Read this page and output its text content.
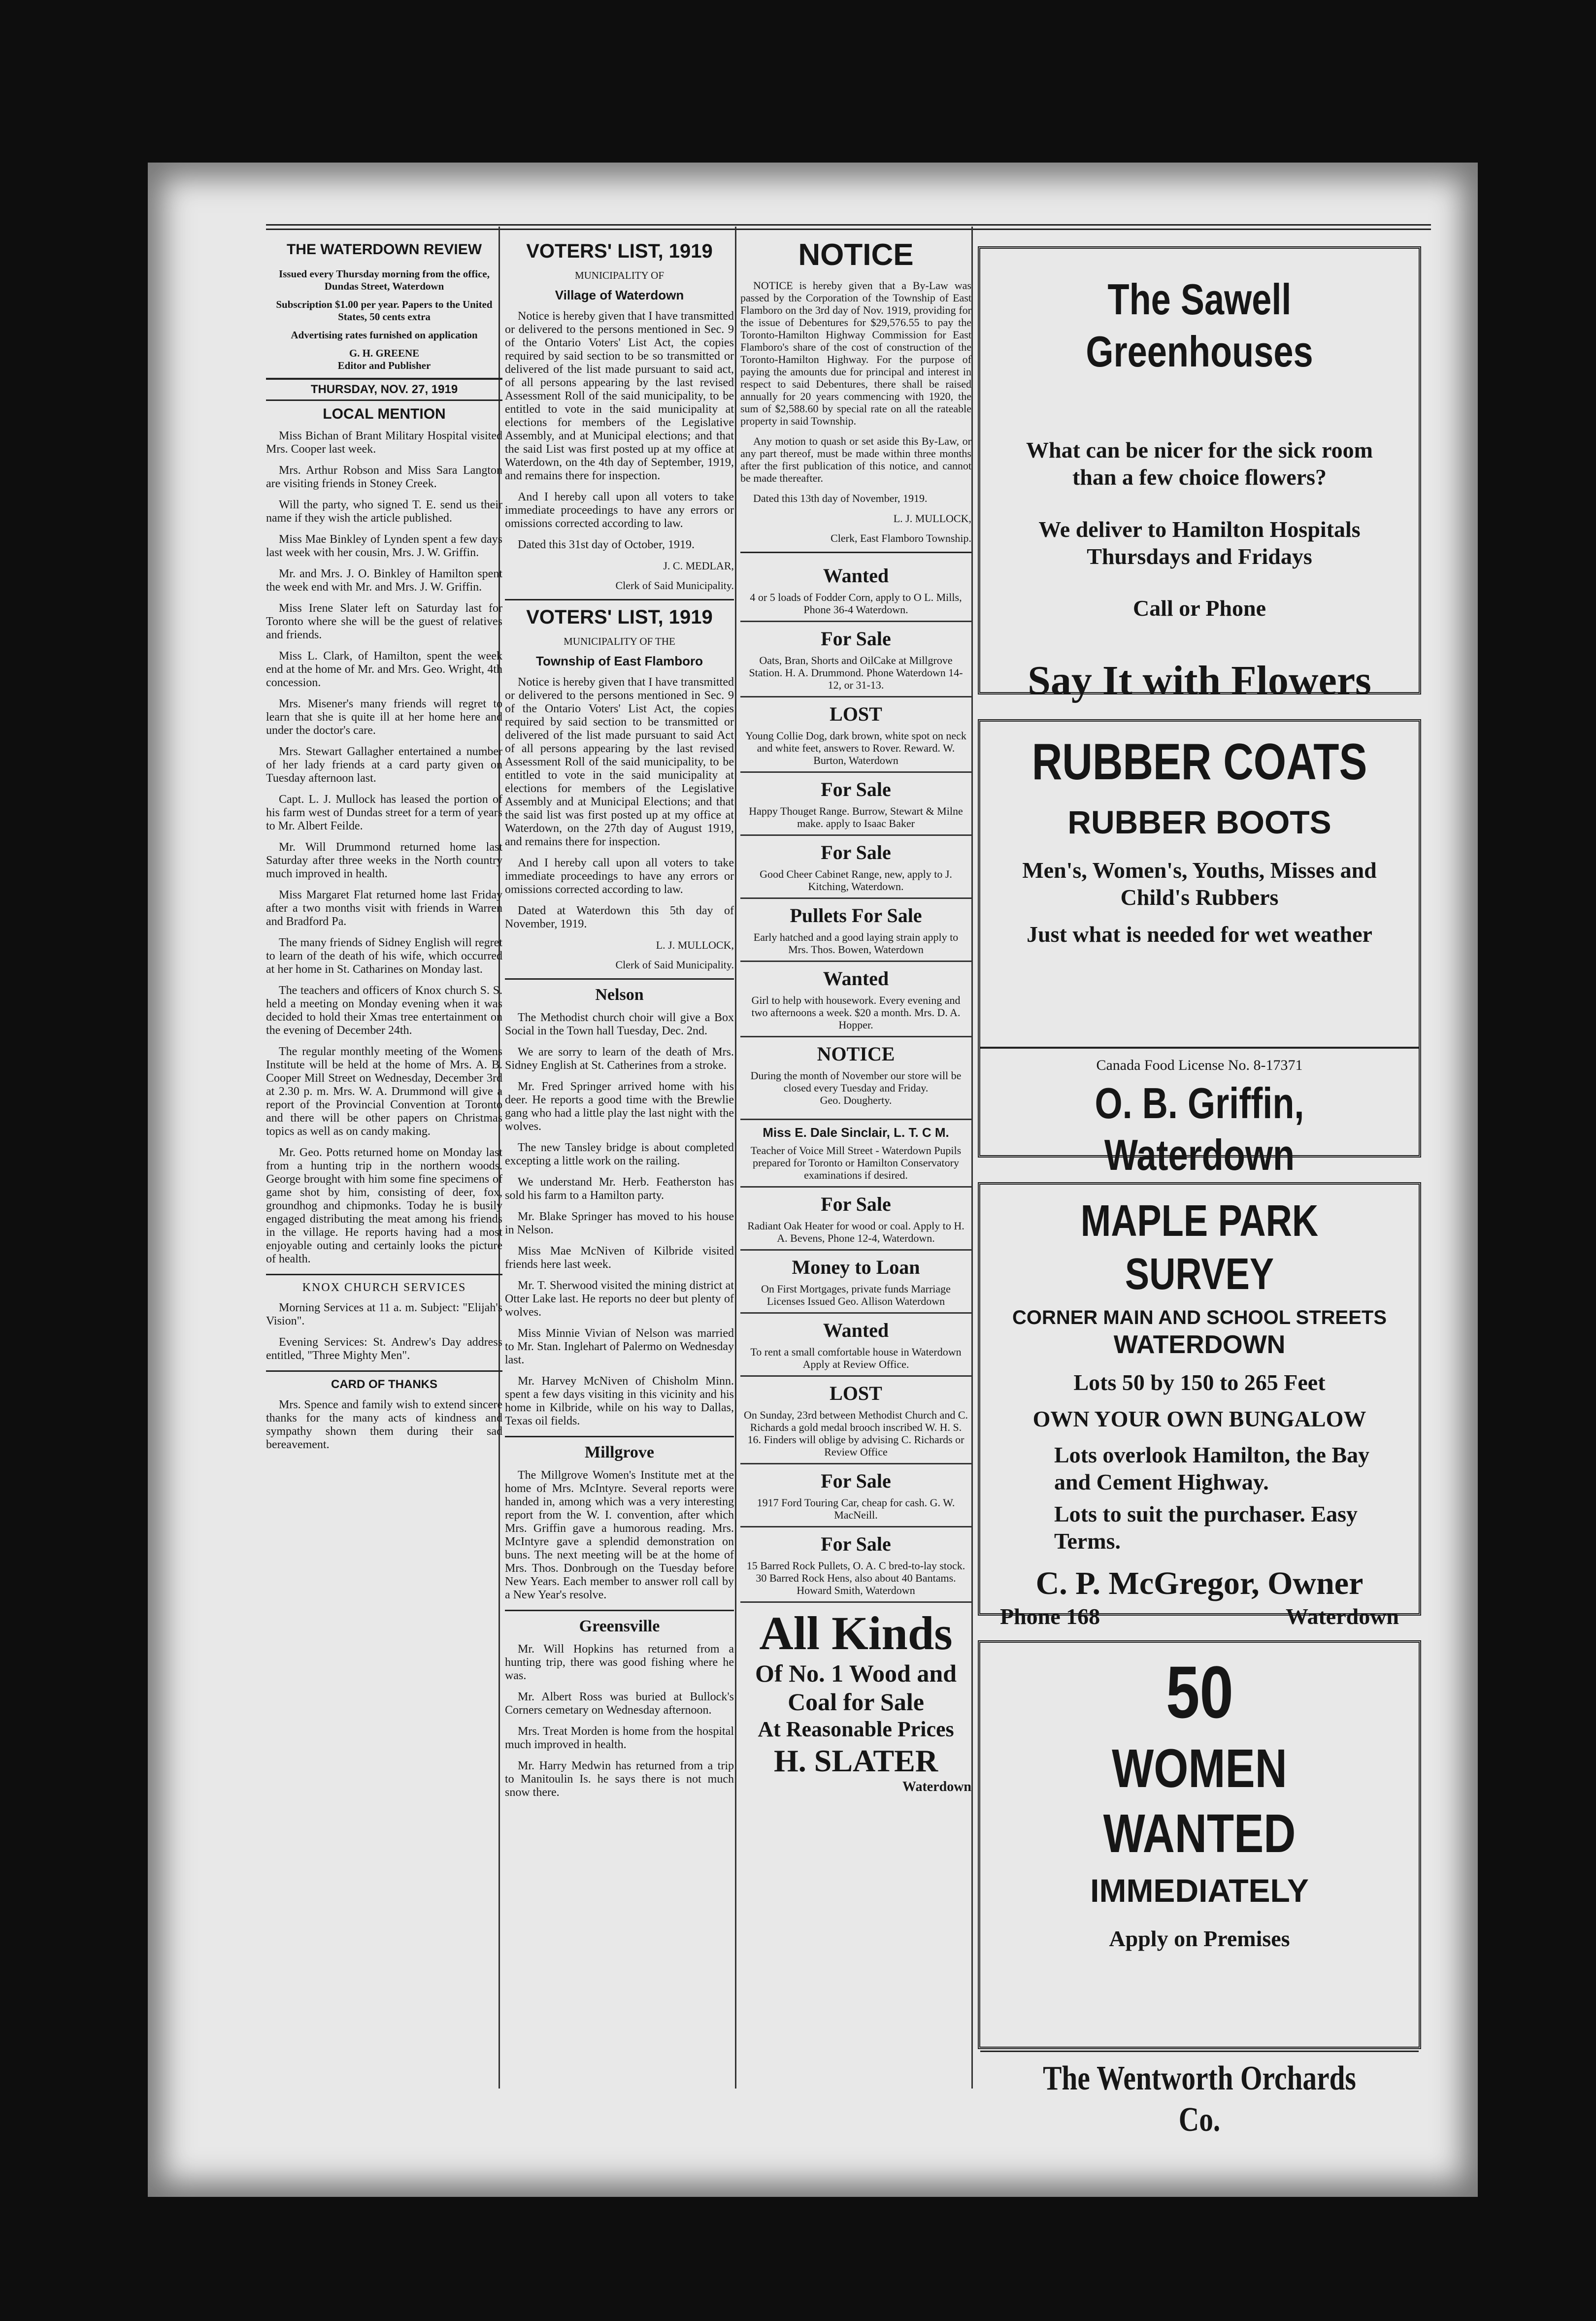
THE WATERDOWN REVIEW
Issued every Thursday morning from the office, Dundas Street, Waterdown
Subscription $1.00 per year. Papers to the United States, 50 cents extra
Advertising rates furnished on application
G. H. GREENE
Editor and Publisher
THURSDAY, NOV. 27, 1919
LOCAL MENTION

Miss Bichan of Brant Military Hospital visited Mrs. Cooper last week.

Mrs. Arthur Robson and Miss Sara Langton are visiting friends in Stoney Creek.

Will the party, who signed T. E. send us their name if they wish the article published.

Miss Mae Binkley of Lynden spent a few days last week with her cousin, Mrs. J. W. Griffin.

Mr. and Mrs. J. O. Binkley of Hamilton spent the week end with Mr. and Mrs. J. W. Griffin.

Miss Irene Slater left on Saturday last for Toronto where she will be the guest of relatives and friends.

Miss L. Clark, of Hamilton, spent the week end at the home of Mr. and Mrs. Geo. Wright, 4th concession.

Mrs. Misener's many friends will regret to learn that she is quite ill at her home here and under the doctor's care.

Mrs. Stewart Gallagher entertained a number of her lady friends at a card party given on Tuesday afternoon last.

Capt. L. J. Mullock has leased the portion of his farm west of Dundas street for a term of years to Mr. Albert Feilde.

Mr. Will Drummond returned home last Saturday after three weeks in the North country much improved in health.

Miss Margaret Flat returned home last Friday after a two months visit with friends in Warren and Bradford Pa.

The many friends of Sidney English will regret to learn of the death of his wife, which occurred at her home in St. Catharines on Monday last.

The teachers and officers of Knox church S. S. held a meeting on Monday evening when it was decided to hold their Xmas tree entertainment on the evening of December 24th.

The regular monthly meeting of the Womens Institute will be held at the home of Mrs. A. B. Cooper Mill Street on Wednesday, December 3rd at 2.30 p. m. Mrs. W. A. Drummond will give a report of the Provincial Convention at Toronto and there will be other papers on Christmas topics as well as on candy making.

Mr. Geo. Potts returned home on Monday last from a hunting trip in the northern woods. George brought with him some fine specimens of game shot by him, consisting of deer, fox, groundhog and chipmonks. Today he is busily engaged distributing the meat among his friends in the village. He reports having had a most enjoyable outing and certainly looks the picture of health.

KNOX CHURCH SERVICES

Morning Services at 11 a. m. Subject: "Elijah's Vision".

Evening Services: St. Andrew's Day address entitled, "Three Mighty Men".

CARD OF THANKS

Mrs. Spence and family wish to extend sincere thanks for the many acts of kindness and sympathy shown them during their sad bereavement.

VOTERS' LIST, 1919
MUNICIPALITY OF
Village of Waterdown

Notice is hereby given that I have transmitted or delivered to the persons mentioned in Sec. 9 of the Ontario Voters' List Act, the copies required by said section to be so transmitted or delivered of the list made pursuant to said act, of all persons appearing by the last revised Assessment Roll of the said municipality, to be entitled to vote in the said municipality at elections for members of the Legislative Assembly, and at Municipal elections; and that the said List was first posted up at my office at Waterdown, on the 4th day of September, 1919, and remains there for inspection.

And I hereby call upon all voters to take immediate proceedings to have any errors or omissions corrected according to law.

Dated this 31st day of October, 1919.

J. C. MEDLAR,
Clerk of Said Municipality.
VOTERS' LIST, 1919
MUNICIPALITY OF THE
Township of East Flamboro

Notice is hereby given that I have transmitted or delivered to the persons mentioned in Sec. 9 of the Ontario Voters' List Act, the copies required by said section to be transmitted or delivered of the list made pursuant to said Act of all persons appearing by the last revised Assessment Roll of the said municipality, to be entitled to vote in the said municipality at elections for members of the Legislative Assembly and at Municipal Elections; and that the said list was first posted up at my office at Waterdown, on the 27th day of August 1919, and remains there for inspection.

And I hereby call upon all voters to take immediate proceedings to have any errors or omissions corrected according to law.

Dated at Waterdown this 5th day of November, 1919.

L. J. MULLOCK,
Clerk of Said Municipality.
Nelson

The Methodist church choir will give a Box Social in the Town hall Tuesday, Dec. 2nd.

We are sorry to learn of the death of Mrs. Sidney English at St. Catherines from a stroke.

Mr. Fred Springer arrived home with his deer. He reports a good time with the Brewlie gang who had a little play the last night with the wolves.

The new Tansley bridge is about completed excepting a little work on the railing.

We understand Mr. Herb. Featherston has sold his farm to a Hamilton party.

Mr. Blake Springer has moved to his house in Nelson.

Miss Mae McNiven of Kilbride visited friends here last week.

Mr. T. Sherwood visited the mining district at Otter Lake last. He reports no deer but plenty of wolves.

Miss Minnie Vivian of Nelson was married to Mr. Stan. Inglehart of Palermo on Wednesday last.

Mr. Harvey McNiven of Chisholm Minn. spent a few days visiting in this vicinity and his home in Kilbride, while on his way to Dallas, Texas oil fields.

Millgrove

The Millgrove Women's Institute met at the home of Mrs. McIntyre. Several reports were handed in, among which was a very interesting report from the W. I. convention, after which Mrs. Griffin gave a humorous reading. Mrs. McIntyre gave a splendid demonstration on buns. The next meeting will be at the home of Mrs. Thos. Donbrough on the Tuesday before New Years. Each member to answer roll call by a New Year's resolve.

Greensville

Mr. Will Hopkins has returned from a hunting trip, there was good fishing where he was.

Mr. Albert Ross was buried at Bullock's Corners cemetary on Wednesday afternoon.

Mrs. Treat Morden is home from the hospital much improved in health.

Mr. Harry Medwin has returned from a trip to Manitoulin Is. he says there is not much snow there.

NOTICE

NOTICE is hereby given that a By-Law was passed by the Corporation of the Township of East Flamboro on the 3rd day of Nov. 1919, providing for the issue of Debentures for $29,576.55 to pay the Toronto-Hamilton Highway Commission for East Flamboro's share of the cost of construction of the Toronto-Hamilton Highway. For the purpose of paying the amounts due for principal and interest in respect to said Debentures, there shall be raised annually for 20 years commencing with 1920, the sum of $2,588.60 by special rate on all the rateable property in said Township.

Any motion to quash or set aside this By-Law, or any part thereof, must be made within three months after the first publication of this notice, and cannot be made thereafter.

Dated this 13th day of November, 1919.

L. J. MULLOCK,
Clerk, East Flamboro Township.
Wanted

4 or 5 loads of Fodder Corn, apply to O L. Mills, Phone 36-4 Waterdown.

For Sale

Oats, Bran, Shorts and OilCake at Millgrove Station. H. A. Drummond. Phone Waterdown 14-12, or 31-13.

LOST

Young Collie Dog, dark brown, white spot on neck and white feet, answers to Rover. Reward. W. Burton, Waterdown

For Sale

Happy Thouget Range. Burrow, Stewart & Milne make. apply to Isaac Baker

For Sale

Good Cheer Cabinet Range, new, apply to J. Kitching, Waterdown.

Pullets For Sale

Early hatched and a good laying strain apply to Mrs. Thos. Bowen, Waterdown

Wanted

Girl to help with housework. Every evening and two afternoons a week. $20 a month. Mrs. D. A. Hopper.

NOTICE

During the month of November our store will be closed every Tuesday and Friday.

Geo. Dougherty.
Miss E. Dale Sinclair, L. T. C M.

Teacher of Voice Mill Street - Waterdown Pupils prepared for Toronto or Hamilton Conservatory examinations if desired.

For Sale

Radiant Oak Heater for wood or coal. Apply to H. A. Bevens, Phone 12-4, Waterdown.

Money to Loan

On First Mortgages, private funds Marriage Licenses Issued Geo. Allison Waterdown

Wanted

To rent a small comfortable house in Waterdown Apply at Review Office.

LOST

On Sunday, 23rd between Methodist Church and C. Richards a gold medal brooch inscribed W. H. S. 16. Finders will oblige by advising C. Richards or Review Office

For Sale

1917 Ford Touring Car, cheap for cash. G. W. MacNeill.

For Sale

15 Barred Rock Pullets, O. A. C bred-to-lay stock. 30 Barred Rock Hens, also about 40 Bantams. Howard Smith, Waterdown

All Kinds
Of No. 1 Wood and
Coal for Sale
At Reasonable Prices
H. SLATER
Waterdown
The Sawell Greenhouses
What can be nicer for the sick room
than a few choice flowers?
We deliver to Hamilton Hospitals
Thursdays and Fridays
Call or Phone
Say It with Flowers
RUBBER COATS
RUBBER BOOTS
Men's, Women's, Youths, Misses and
Child's Rubbers
Just what is needed for wet weather
Canada Food License No. 8-17371
O. B. Griffin, Waterdown
MAPLE PARK SURVEY
CORNER MAIN AND SCHOOL STREETS
WATERDOWN
Lots 50 by 150 to 265 Feet
OWN YOUR OWN BUNGALOW
Lots overlook Hamilton, the Bay
and Cement Highway.
Lots to suit the purchaser. Easy
Terms.
C. P. McGregor, Owner
Phone 168	Waterdown
50
WOMEN WANTED
IMMEDIATELY
Apply on Premises
The Wentworth Orchards Co.
